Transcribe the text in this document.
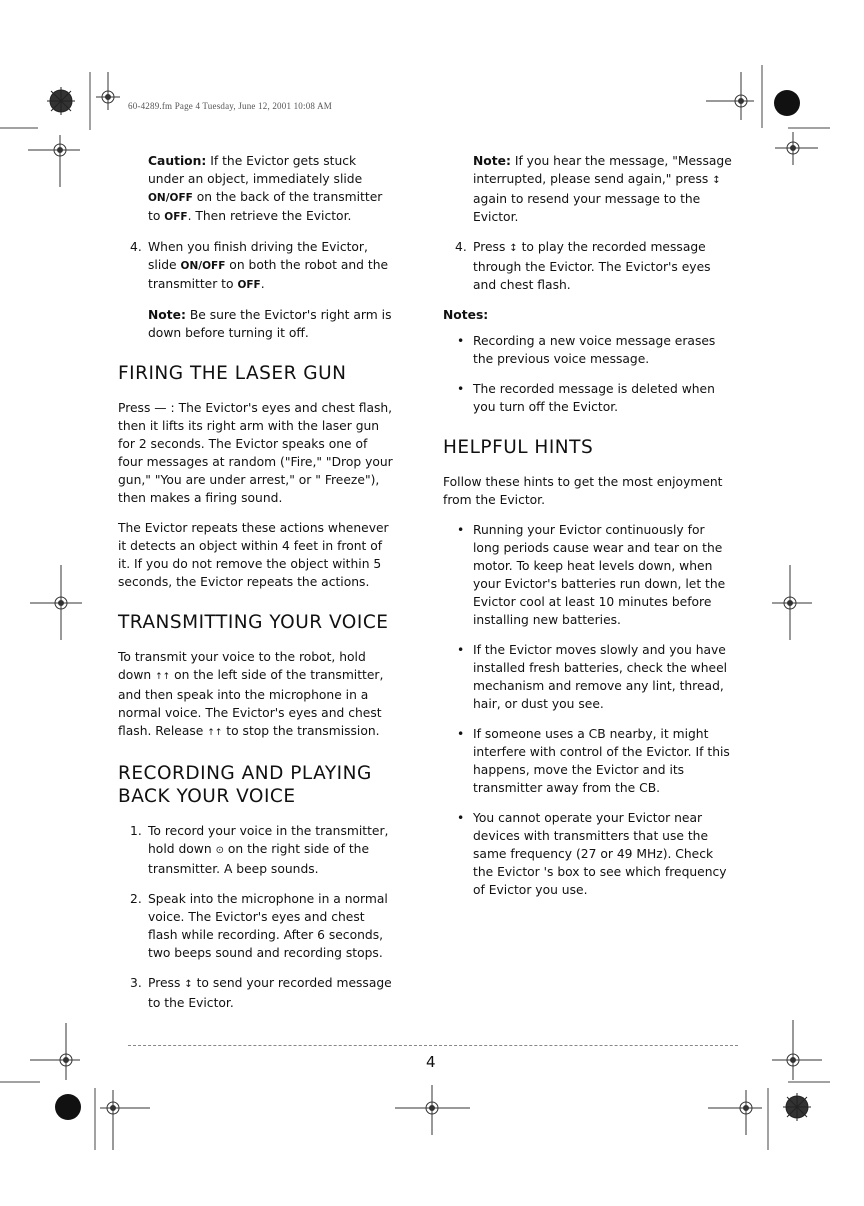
60-4289.fm Page 4 Tuesday, June 12, 2001 10:08 AM
Caution: If the Evictor gets stuck under an object, immediately slide ON/OFF on the back of the transmitter to OFF. Then retrieve the Evictor.
4. When you finish driving the Evictor, slide ON/OFF on both the robot and the transmitter to OFF.
Note: Be sure the Evictor's right arm is down before turning it off.
FIRING THE LASER GUN
Press — : The Evictor's eyes and chest flash, then it lifts its right arm with the laser gun for 2 seconds. The Evictor speaks one of four messages at random ("Fire," "Drop your gun," "You are under arrest," or " Freeze"), then makes a firing sound.
The Evictor repeats these actions whenever it detects an object within 4 feet in front of it. If you do not remove the object within 5 seconds, the Evictor repeats the actions.
TRANSMITTING YOUR VOICE
To transmit your voice to the robot, hold down ↑↑ on the left side of the transmitter, and then speak into the microphone in a normal voice. The Evictor's eyes and chest flash. Release ↑↑ to stop the transmission.
RECORDING AND PLAYING BACK YOUR VOICE
1. To record your voice in the transmitter, hold down ⊙ on the right side of the transmitter. A beep sounds.
2. Speak into the microphone in a normal voice. The Evictor's eyes and chest flash while recording. After 6 seconds, two beeps sound and recording stops.
3. Press ↕ to send your recorded message to the Evictor.
Note: If you hear the message, "Message interrupted, please send again," press ↕ again to resend your message to the Evictor.
4. Press ↕ to play the recorded message through the Evictor. The Evictor's eyes and chest flash.
Notes:
• Recording a new voice message erases the previous voice message.
• The recorded message is deleted when you turn off the Evictor.
HELPFUL HINTS
Follow these hints to get the most enjoyment from the Evictor.
• Running your Evictor continuously for long periods cause wear and tear on the motor. To keep heat levels down, when your Evictor's batteries run down, let the Evictor cool at least 10 minutes before installing new batteries.
• If the Evictor moves slowly and you have installed fresh batteries, check the wheel mechanism and remove any lint, thread, hair, or dust you see.
• If someone uses a CB nearby, it might interfere with control of the Evictor. If this happens, move the Evictor and its transmitter away from the CB.
• You cannot operate your Evictor near devices with transmitters that use the same frequency (27 or 49 MHz). Check the Evictor 's box to see which frequency of Evictor you use.
4
